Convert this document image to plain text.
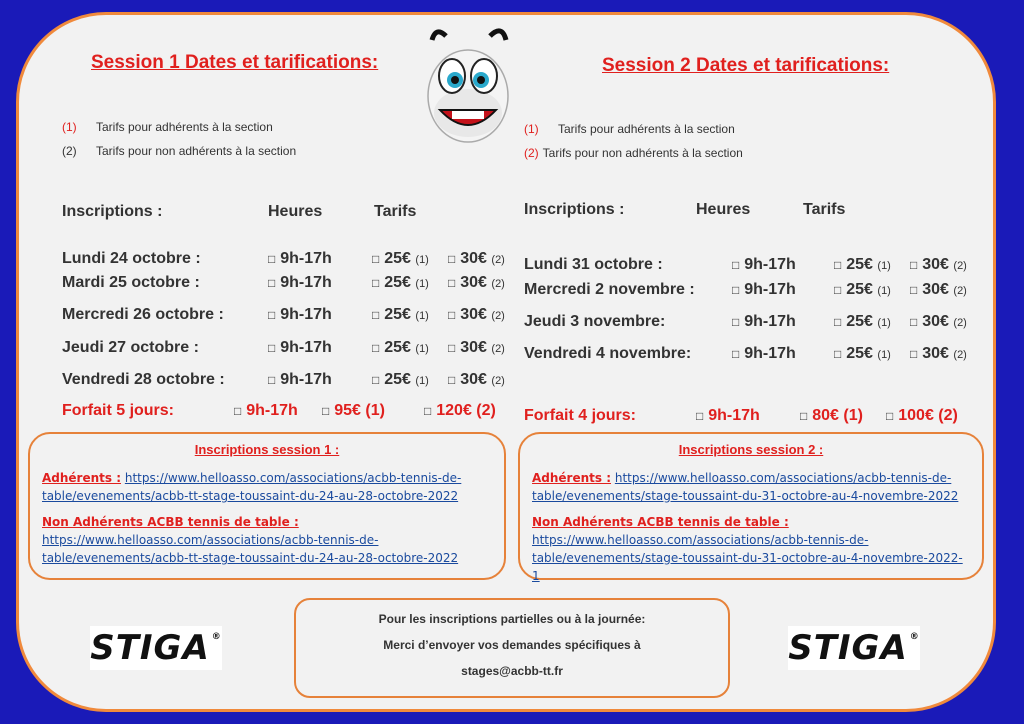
Session 1 Dates et tarifications:
(1) Tarifs pour adhérents à la section
(2) Tarifs pour non adhérents à la section
Inscriptions :	Heures	Tarifs
Lundi 24 octobre :	□ 9h-17h	□ 25€ (1) □ 30€ (2)
Mardi 25 octobre :	□ 9h-17h	□ 25€ (1) □ 30€ (2)
Mercredi 26 octobre :	□ 9h-17h	□ 25€ (1) □ 30€ (2)
Jeudi 27 octobre :	□ 9h-17h	□ 25€ (1) □ 30€ (2)
Vendredi 28 octobre :	□ 9h-17h	□ 25€ (1) □ 30€ (2)
Forfait 5 jours:	□ 9h-17h □ 95€ (1)	□ 120€ (2)
Session 2 Dates et tarifications:
(1) Tarifs pour adhérents à la section
(2) Tarifs pour non adhérents à la section
Inscriptions :	Heures	Tarifs
Lundi 31 octobre :	□ 9h-17h	□ 25€ (1) □ 30€ (2)
Mercredi 2 novembre :	□ 9h-17h	□ 25€ (1) □ 30€ (2)
Jeudi 3 novembre:	□ 9h-17h	□ 25€ (1) □ 30€ (2)
Vendredi 4 novembre:	□ 9h-17h	□ 25€ (1) □ 30€ (2)
Forfait 4 jours:	□ 9h-17h	□ 80€ (1) □ 100€ (2)
Inscriptions session 1 :

Adhérents : https://www.helloasso.com/associations/acbb-tennis-de-table/evenements/acbb-tt-stage-toussaint-du-24-au-28-octobre-2022

Non Adhérents ACBB tennis de table : https://www.helloasso.com/associations/acbb-tennis-de-table/evenements/acbb-tt-stage-toussaint-du-24-au-28-octobre-2022

Inscriptions session 2 :

Adhérents : https://www.helloasso.com/associations/acbb-tennis-de-table/evenements/stage-toussaint-du-31-octobre-au-4-novembre-2022

Non Adhérents ACBB tennis de table : https://www.helloasso.com/associations/acbb-tennis-de-table/evenements/stage-toussaint-du-31-octobre-au-4-novembre-2022-1

Pour les inscriptions partielles ou à la journée:
Merci d’envoyer vos demandes spécifiques à
stages@acbb-tt.fr
STIGA®	STIGA®
